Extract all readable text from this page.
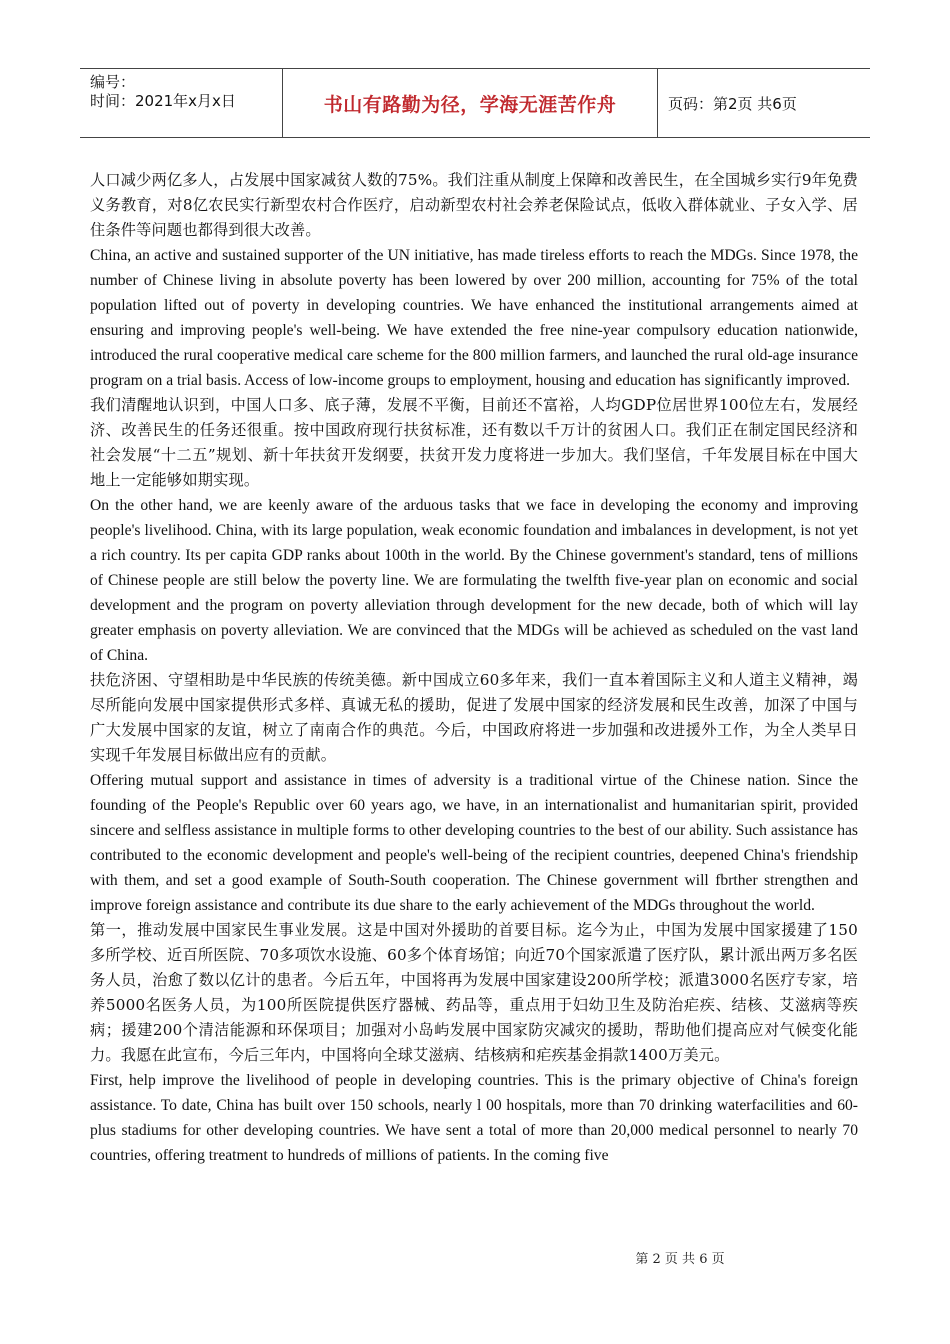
编号：
时间：2021年x月x日	书山有路勤为径，学海无涯苦作舟	页码：第2页 共6页

人口减少两亿多人，占发展中国家减贫人数的75%。我们注重从制度上保障和改善民生，在全国城乡实行9年免费义务教育，对8亿农民实行新型农村合作医疗，启动新型农村社会养老保险试点，低收入群体就业、子女入学、居住条件等问题也都得到很大改善。

China, an active and sustained supporter of the UN initiative, has made tireless efforts to reach the MDGs. Since 1978, the number of Chinese living in absolute poverty has been lowered by over 200 million, accounting for 75% of the total population lifted out of poverty in developing countries. We have enhanced the institutional arrangements aimed at ensuring and improving people's well-being. We have extended the free nine-year compulsory education nationwide, introduced the rural cooperative medical care scheme for the 800 million farmers, and launched the rural old-age insurance program on a trial basis. Access of low-income groups to employment, housing and education has significantly improved.

我们清醒地认识到，中国人口多、底子薄，发展不平衡，目前还不富裕，人均GDP位居世界100位左右，发展经济、改善民生的任务还很重。按中国政府现行扶贫标准，还有数以千万计的贫困人口。我们正在制定国民经济和社会发展“十二五”规划、新十年扶贫开发纲要，扶贫开发力度将进一步加大。我们坚信，千年发展目标在中国大地上一定能够如期实现。

On the other hand, we are keenly aware of the arduous tasks that we face in developing the economy and improving people's livelihood. China, with its large population, weak economic foundation and imbalances in development, is not yet a rich country. Its per capita GDP ranks about 100th in the world. By the Chinese government's standard, tens of millions of Chinese people are still below the poverty line. We are formulating the twelfth five-year plan on economic and social development and the program on poverty alleviation through development for the new decade, both of which will lay greater emphasis on poverty alleviation. We are convinced that the MDGs will be achieved as scheduled on the vast land of China.

扶危济困、守望相助是中华民族的传统美德。新中国成立60多年来，我们一直本着国际主义和人道主义精神，竭尽所能向发展中国家提供形式多样、真诚无私的援助，促进了发展中国家的经济发展和民生改善，加深了中国与广大发展中国家的友谊，树立了南南合作的典范。今后，中国政府将进一步加强和改进援外工作，为全人类早日实现千年发展目标做出应有的贡献。

Offering mutual support and assistance in times of adversity is a traditional virtue of the Chinese nation. Since the founding of the People's Republic over 60 years ago, we have, in an internationalist and humanitarian spirit, provided sincere and selfless assistance in multiple forms to other developing countries to the best of our ability. Such assistance has contributed to the economic development and people's well-being of the recipient countries, deepened China's friendship with them, and set a good example of South-South cooperation. The Chinese government will fbrther strengthen and improve foreign assistance and contribute its due share to the early achievement of the MDGs throughout the world.

第一，推动发展中国家民生事业发展。这是中国对外援助的首要目标。迄今为止，中国为发展中国家援建了150多所学校、近百所医院、70多项饮水设施、60多个体育场馆；向近70个国家派遣了医疗队，累计派出两万多名医务人员，治愈了数以亿计的患者。今后五年，中国将再为发展中国家建设200所学校；派遣3000名医疗专家，培养5000名医务人员，为100所医院提供医疗器械、药品等，重点用于妇幼卫生及防治疟疾、结核、艾滋病等疾病；援建200个清洁能源和环保项目；加强对小岛屿发展中国家防灾减灾的援助，帮助他们提高应对气候变化能力。我愿在此宣布，今后三年内，中国将向全球艾滋病、结核病和疟疾基金捐款1400万美元。

First, help improve the livelihood of people in developing countries. This is the primary objective of China's foreign assistance. To date, China has built over 150 schools, nearly l 00 hospitals, more than 70 drinking waterfacilities and 60-plus stadiums for other developing countries. We have sent a total of more than 20,000 medical personnel to nearly 70 countries, offering treatment to hundreds of millions of patients. In the coming five

第 2 页 共 6 页
